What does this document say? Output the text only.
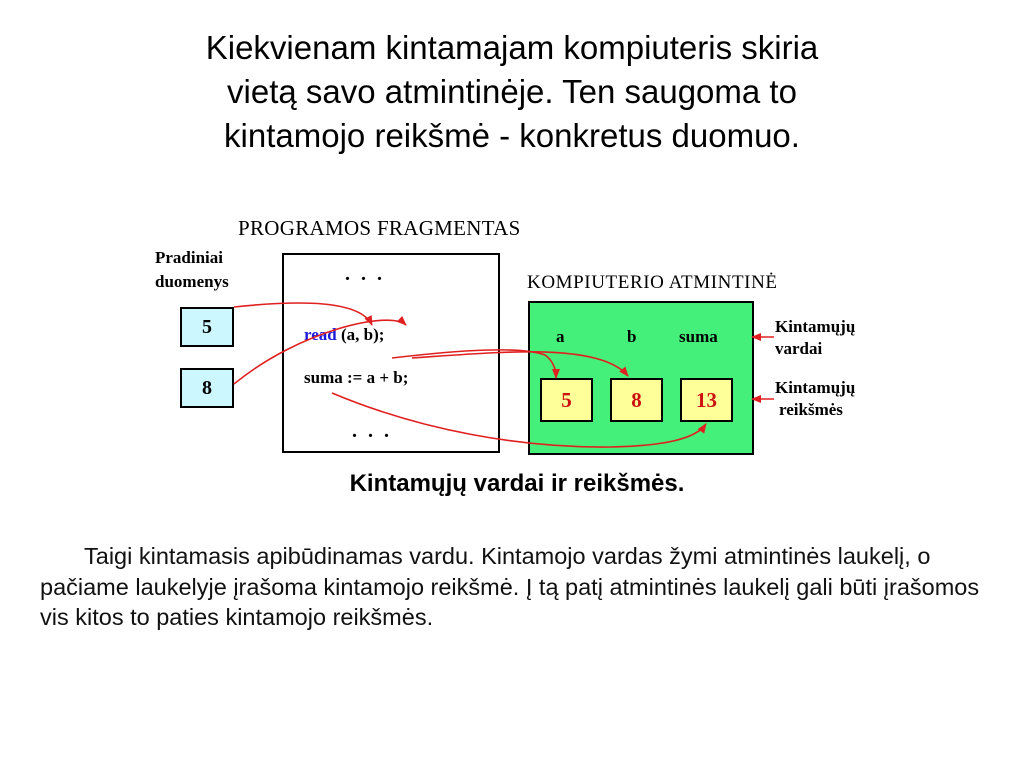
Kiekvienam kintamajam kompiuteris skiria
vietą savo atmintinėje. Ten saugoma to
kintamojo reikšmė - konkretus duomuo.
PROGRAMOS FRAGMENTAS
Pradiniai
duomenys
5
8
. . .
read (a, b);
suma := a + b;
. . .
KOMPIUTERIO ATMINTINĖ
a	b	suma
5	8	13
Kintamųjų
vardai
Kintamųjų
reikšmės
Kintamųjų vardai ir reikšmės.

Taigi kintamasis apibūdinamas vardu. Kintamojo vardas žymi atmintinės laukelį, o pačiame laukelyje įrašoma kintamojo reikšmė. Į tą patį atmintinės laukelį gali būti įrašomos vis kitos to paties kintamojo reikšmės.
